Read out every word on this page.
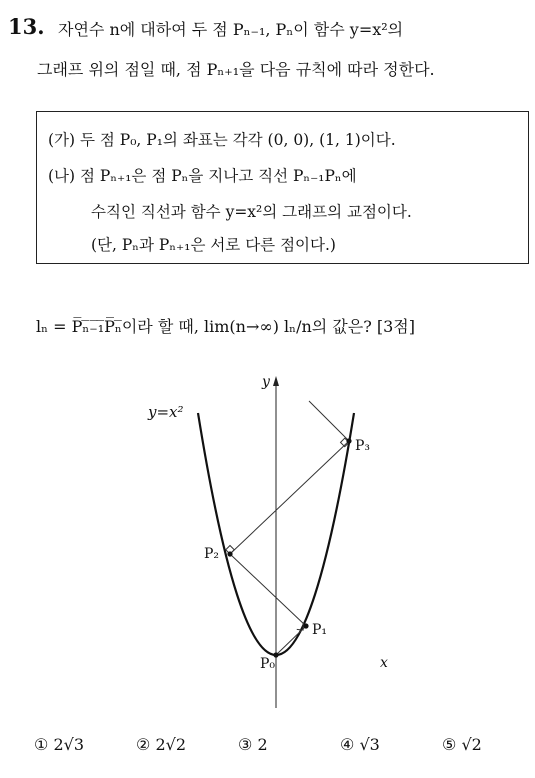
13. 자연수 n에 대하여 두 점 Pₙ₋₁, Pₙ이 함수 y=x²의
그래프 위의 점일 때, 점 Pₙ₊₁을 다음 규칙에 따라 정한다.
(가) 두 점 P₀, P₁의 좌표는 각각 (0, 0), (1, 1)이다.
(나) 점 Pₙ₊₁은 점 Pₙ을 지나고 직선 Pₙ₋₁Pₙ에
수직인 직선과 함수 y=x²의 그래프의 교점이다.
(단, Pₙ과 Pₙ₊₁은 서로 다른 점이다.)
lₙ = P̅ₙ̅₋̅₁̅P̅ₙ̅이라 할 때, lim(n→∞) lₙ/n의 값은? [3점]
y
x
y=x²
P₀
P₁
P₂
P₃
① 2√3	② 2√2	③ 2	④ √3	⑤ √2
